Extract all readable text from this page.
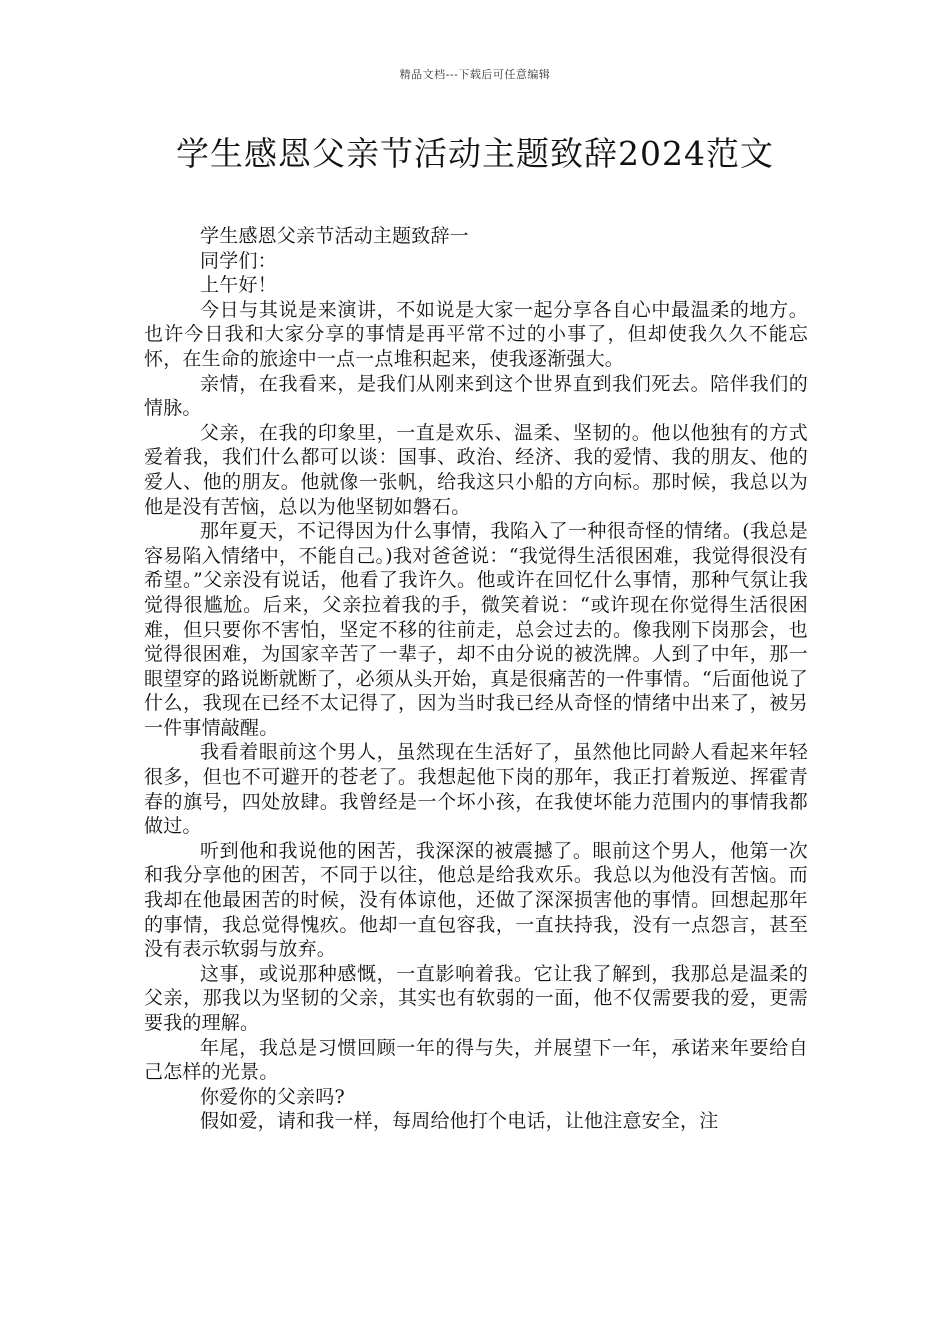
精品文档---下载后可任意编辑
学生感恩父亲节活动主题致辞2024范文

学生感恩父亲节活动主题致辞一

同学们：

上午好！

今日与其说是来演讲，不如说是大家一起分享各自心中最温柔的地方。也许今日我和大家分享的事情是再平常不过的小事了，但却使我久久不能忘怀，在生命的旅途中一点一点堆积起来，使我逐渐强大。

亲情，在我看来，是我们从刚来到这个世界直到我们死去。陪伴我们的情脉。

父亲，在我的印象里，一直是欢乐、温柔、坚韧的。他以他独有的方式爱着我，我们什么都可以谈：国事、政治、经济、我的爱情、我的朋友、他的爱人、他的朋友。他就像一张帆，给我这只小船的方向标。那时候，我总以为他是没有苦恼，总以为他坚韧如磐石。

那年夏天，不记得因为什么事情，我陷入了一种很奇怪的情绪。(我总是容易陷入情绪中，不能自己。)我对爸爸说：“我觉得生活很困难，我觉得很没有希望。”父亲没有说话，他看了我许久。他或许在回忆什么事情，那种气氛让我觉得很尴尬。后来，父亲拉着我的手，微笑着说：“或许现在你觉得生活很困难，但只要你不害怕，坚定不移的往前走，总会过去的。像我刚下岗那会，也觉得很困难，为国家辛苦了一辈子，却不由分说的被洗牌。人到了中年，那一眼望穿的路说断就断了，必须从头开始，真是很痛苦的一件事情。“后面他说了什么，我现在已经不太记得了，因为当时我已经从奇怪的情绪中出来了，被另一件事情敲醒。

我看着眼前这个男人，虽然现在生活好了，虽然他比同龄人看起来年轻很多，但也不可避开的苍老了。我想起他下岗的那年，我正打着叛逆、挥霍青春的旗号，四处放肆。我曾经是一个坏小孩，在我使坏能力范围内的事情我都做过。

听到他和我说他的困苦，我深深的被震撼了。眼前这个男人，他第一次和我分享他的困苦，不同于以往，他总是给我欢乐。我总以为他没有苦恼。而我却在他最困苦的时候，没有体谅他，还做了深深损害他的事情。回想起那年的事情，我总觉得愧疚。他却一直包容我，一直扶持我，没有一点怨言，甚至没有表示软弱与放弃。

这事，或说那种感慨，一直影响着我。它让我了解到，我那总是温柔的父亲，那我以为坚韧的父亲，其实也有软弱的一面，他不仅需要我的爱，更需要我的理解。

年尾，我总是习惯回顾一年的得与失，并展望下一年，承诺来年要给自己怎样的光景。

你爱你的父亲吗?

假如爱，请和我一样，每周给他打个电话，让他注意安全，注
